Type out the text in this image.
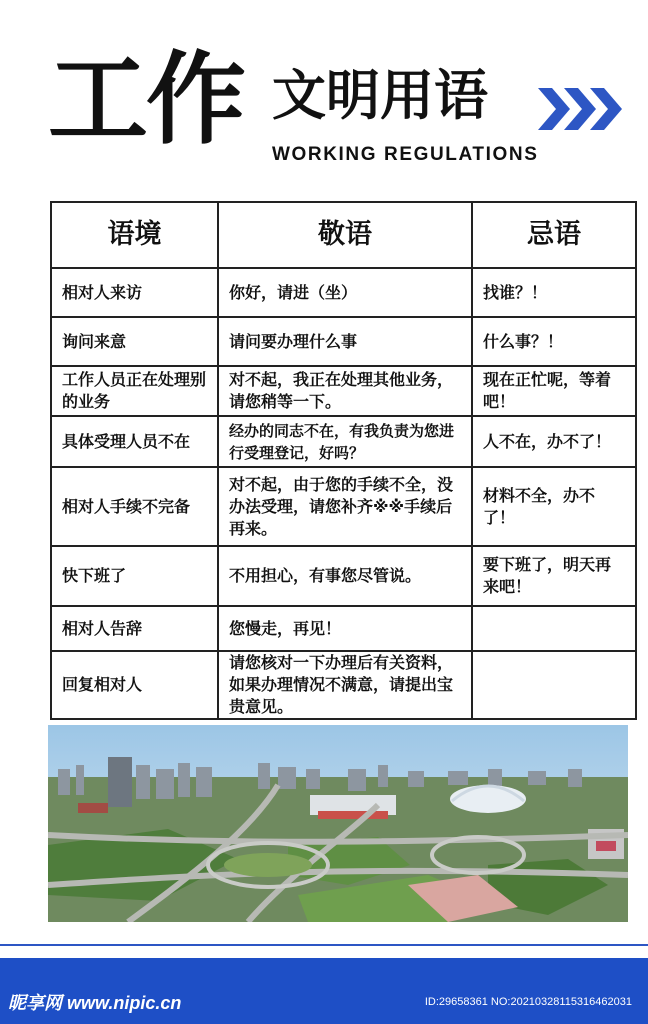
工作 文明用语
WORKING REGULATIONS
语境	敬语	忌语
相对人来访	你好，请进（坐）	找谁？！
询问来意	请问要办理什么事	什么事？！
工作人员正在处理别的业务	对不起，我正在处理其他业务，请您稍等一下。	现在正忙呢，等着吧！
具体受理人员不在	经办的同志不在，有我负责为您进行受理登记，好吗？	人不在，办不了！
相对人手续不完备	对不起，由于您的手续不全，没办法受理，请您补齐※※手续后再来。	材料不全，办不了！
快下班了	不用担心，有事您尽管说。	要下班了，明天再来吧！
相对人告辞	您慢走，再见！	
回复相对人	请您核对一下办理后有关资料，如果办理情况不满意，请提出宝贵意见。	
昵享网 www.nipic.cn	ID:29658361 NO:20210328115316462031
